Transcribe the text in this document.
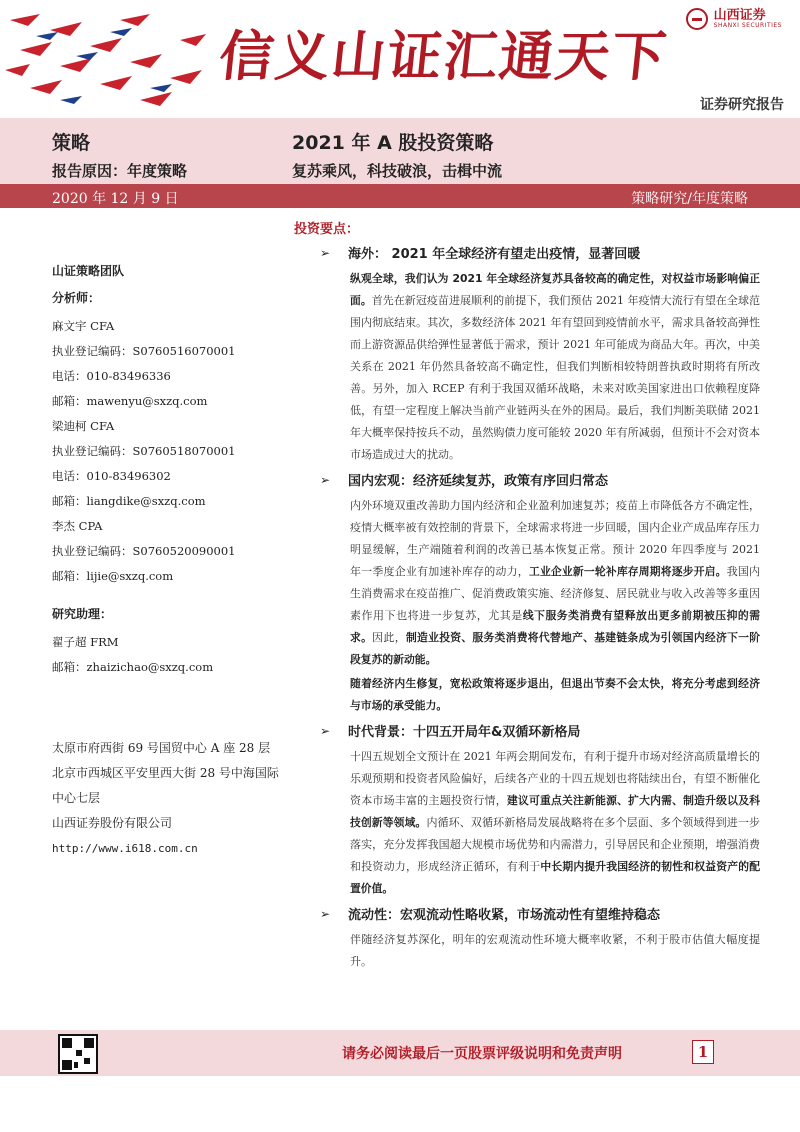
信义山证汇通天下
山西证券
SHANXI SECURITIES
证券研究报告
策略
报告原因：年度策略
2021 年 A 股投资策略
复苏乘风，科技破浪，击楫中流
2020 年 12 月 9 日	策略研究/年度策略
山证策略团队
分析师：
麻文宇 CFA
执业登记编码：S0760516070001
电话：010-83496336
邮箱：mawenyu@sxzq.com
梁迪柯 CFA
执业登记编码：S0760518070001
电话：010-83496302
邮箱：liangdike@sxzq.com
李杰 CPA
执业登记编码：S0760520090001
邮箱：lijie@sxzq.com
研究助理：
翟子超 FRM
邮箱：zhaizichao@sxzq.com
太原市府西街 69 号国贸中心 A 座 28 层
北京市西城区平安里西大街 28 号中海国际中心七层
山西证券股份有限公司
http://www.i618.com.cn
投资要点：
➢	海外： 2021 年全球经济有望走出疫情，显著回暖

纵观全球，我们认为 2021 年全球经济复苏具备较高的确定性，对权益市场影响偏正面。首先在新冠疫苗进展顺利的前提下，我们预估 2021 年疫情大流行有望在全球范围内彻底结束。其次，多数经济体 2021 年有望回到疫情前水平，需求具备较高弹性而上游资源品供给弹性显著低于需求，预计 2021 年可能成为商品大年。再次，中美关系在 2021 年仍然具备较高不确定性，但我们判断相较特朗普执政时期将有所改善。另外，加入 RCEP 有利于我国双循环战略，未来对欧美国家进出口依赖程度降低，有望一定程度上解决当前产业链两头在外的困局。最后，我们判断美联储 2021 年大概率保持按兵不动，虽然购债力度可能较 2020 年有所减弱，但预计不会对资本市场造成过大的扰动。

➢	国内宏观：经济延续复苏，政策有序回归常态

内外环境双重改善助力国内经济和企业盈利加速复苏；疫苗上市降低各方不确定性，疫情大概率被有效控制的背景下，全球需求将进一步回暖，国内企业产成品库存压力明显缓解，生产端随着利润的改善已基本恢复正常。预计 2020 年四季度与 2021 年一季度企业有加速补库存的动力，工业企业新一轮补库存周期将逐步开启。我国内生消费需求在疫苗推广、促消费政策实施、经济修复、居民就业与收入改善等多重因素作用下也将进一步复苏，尤其是线下服务类消费有望释放出更多前期被压抑的需求。因此，制造业投资、服务类消费将代替地产、基建链条成为引领国内经济下一阶段复苏的新动能。

随着经济内生修复，宽松政策将逐步退出，但退出节奏不会太快，将充分考虑到经济与市场的承受能力。

➢	时代背景：十四五开局年&双循环新格局

十四五规划全文预计在 2021 年两会期间发布，有利于提升市场对经济高质量增长的乐观预期和投资者风险偏好，后续各产业的十四五规划也将陆续出台，有望不断催化资本市场丰富的主题投资行情，建议可重点关注新能源、扩大内需、制造升级以及科技创新等领域。内循环、双循环新格局发展战略将在多个层面、多个领域得到进一步落实，充分发挥我国超大规模市场优势和内需潜力，引导居民和企业预期，增强消费和投资动力，形成经济正循环，有利于中长期内提升我国经济的韧性和权益资产的配置价值。

➢	流动性：宏观流动性略收紧，市场流动性有望维持稳态

伴随经济复苏深化，明年的宏观流动性环境大概率收紧，不利于股市估值大幅度提升。

请务必阅读最后一页股票评级说明和免责声明	1
